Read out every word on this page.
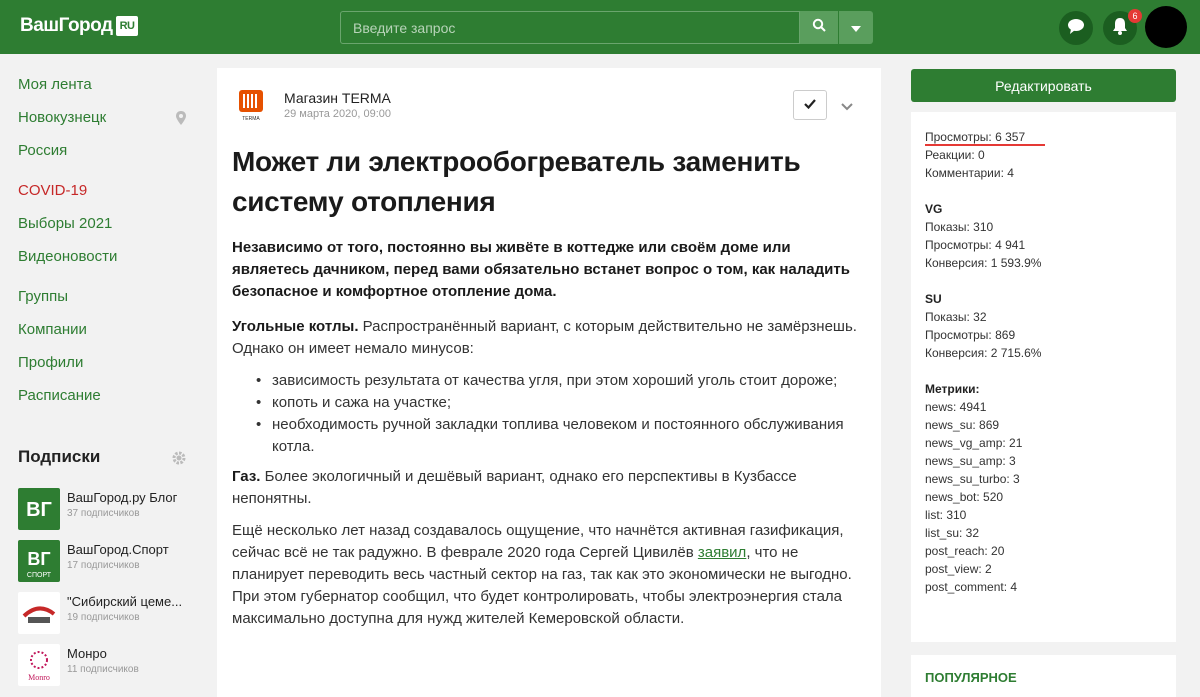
ВашГород RU
Введите запрос
6
Моя лента
Новокузнецк
Россия
COVID-19
Выборы 2021
Видеоновости
Группы
Компании
Профили
Расписание
Подписки
ВГ
ВашГород.ру Блог
37 подписчиков
ВГ
СПОРТ
ВашГород.Спорт
17 подписчиков
"Сибирский цеме...
19 подписчиков
Monro
Монро
11 подписчиков
TERMA
Магазин TERMA
29 марта 2020, 09:00
Может ли электрообогреватель заменить системy отопления

Независимо от того, постоянно вы живёте в коттедже или своём доме или являетесь дачником, перед вами обязательно встанет вопрос о том, как наладить безопасное и комфортное отопление дома.

Угольные котлы. Распространённый вариант, с которым действительно не замёрзнешь. Однако он имеет немало минусов:

• зависимость результата от качества угля, при этом хороший уголь стоит дороже;
• копоть и сажа на участке;
• необходимость ручной закладки топлива человеком и постоянного обслуживания котла.

Газ. Более экологичный и дешёвый вариант, однако его перспективы в Кузбассе непонятны.

Ещё несколько лет назад создавалось ощущение, что начнётся активная газификация, сейчас всё не так радужно. В феврале 2020 года Сергей Цивилёв заявил, что не планирует переводить весь частный сектор на газ, так как это экономически не выгодно. При этом губернатор сообщил, что будет контролировать, чтобы электроэнергия стала максимально доступна для нужд жителей Кемеровской области.

Редактировать
Просмотры: 6 357
Реакции: 0
Комментарии: 4
VG
Показы: 310
Просмотры: 4 941
Конверсия: 1 593.9%
SU
Показы: 32
Просмотры: 869
Конверсия: 2 715.6%
Метрики:
news: 4941
news_su: 869
news_vg_amp: 21
news_su_amp: 3
news_su_turbo: 3
news_bot: 520
list: 310
list_su: 32
post_reach: 20
post_view: 2
post_comment: 4
ПОПУЛЯРНОЕ
